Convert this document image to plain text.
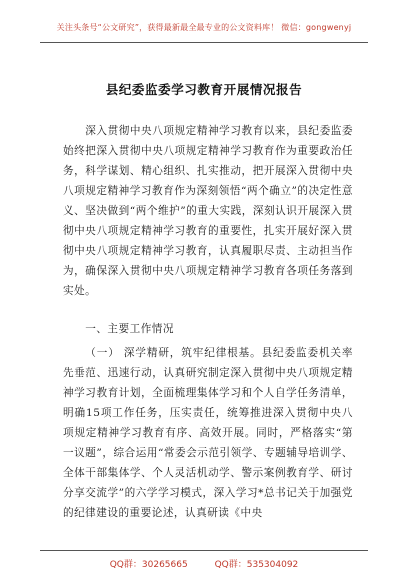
关注头条号“公文研究”，获得最新最全最专业的公文资料库！ 微信：gongwenyj
县纪委监委学习教育开展情况报告
深入贯彻中央八项规定精神学习教育以来，县纪委监委始终把深入贯彻中央八项规定精神学习教育作为重要政治任务，科学谋划、精心组织、扎实推动，把开展深入贯彻中央八项规定精神学习教育作为深刻领悟“两个确立”的决定性意义、坚决做到“两个维护”的重大实践，深刻认识开展深入贯彻中央八项规定精神学习教育的重要性，扎实开展好深入贯彻中央八项规定精神学习教育，认真履职尽责、主动担当作为，确保深入贯彻中央八项规定精神学习教育各项任务落到实处。
一、主要工作情况
（一） 深学精研，筑牢纪律根基。县纪委监委机关率先垂范、迅速行动，认真研究制定深入贯彻中央八项规定精神学习教育计划，全面梳理集体学习和个人自学任务清单，明确15项工作任务，压实责任，统筹推进深入贯彻中央八项规定精神学习教育有序、高效开展。同时，严格落实“第一议题”，综合运用“常委会示范引领学、专题辅导培训学、全体干部集体学、个人灵活机动学、警示案例教育学、研讨分享交流学”的六学学习模式，深入学习*总书记关于加强党的纪律建设的重要论述，认真研读《中央
QQ群：30265665	QQ群：535304092
